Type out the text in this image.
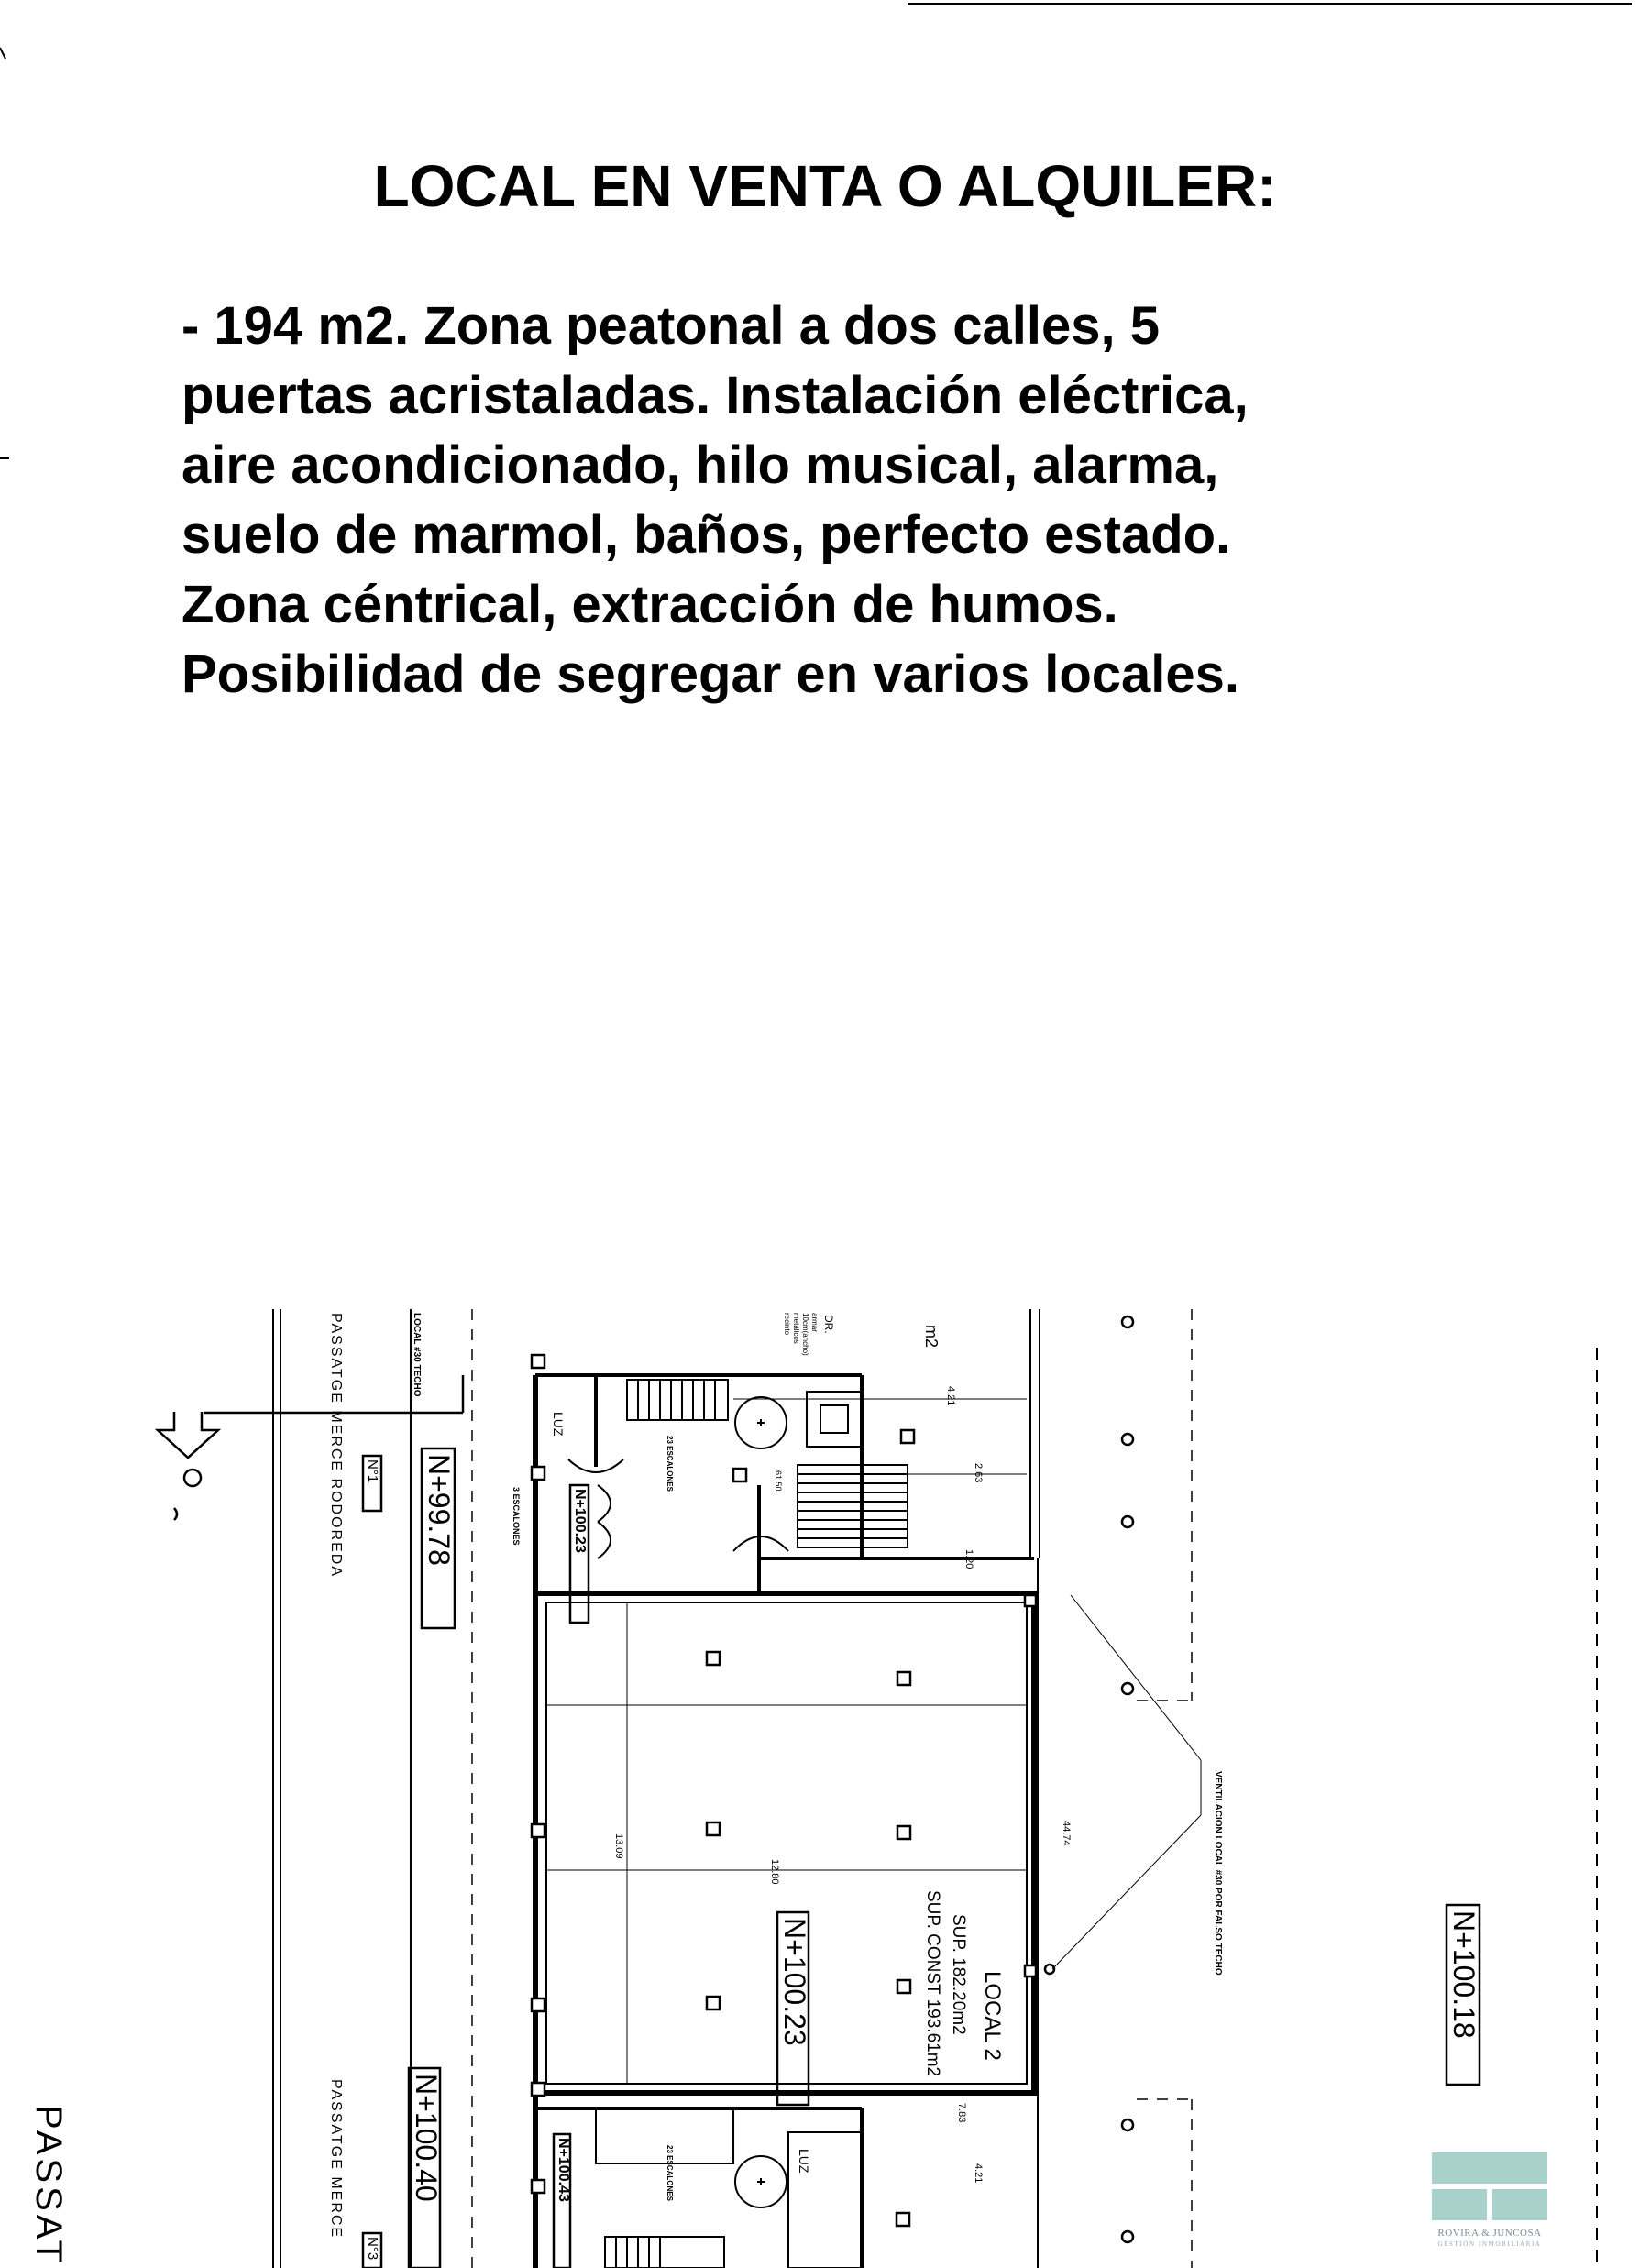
LOCAL EN VENTA O ALQUILER:

- 194 m2. Zona peatonal a dos calles, 5

puertas acristaladas. Instalación eléctrica,

aire acondicionado, hilo musical, alarma,

suelo de marmol, baños, perfecto estado.

Zona céntrical, extracción de humos.

Posibilidad de segregar en varios locales.

PASSATGE MERCE RODOREDA
PASSATGE MERCE
PASSAT
N°1
N°3
LOCAL #30 TECHO
N+99.78	N+100.23
N+100.23	N+100.18
N+100.40	N+100.43
LOCAL 2
SUP. 182.20m2
SUP. CONST 193.61m2
VENTILACION LOCAL #30 POR FALSO TECHO
LUZ
LUZ
3 ESCALONES
23 ESCALONES
23 ESCALONES
m2
DR.
armar
10cm(ancho)
metálicos
recinto
4.21
2.63
1.20
44.74
13.09
12.80
7.83
4.21
61.50
ROVIRA & JUNCOSA
GESTIÓN INMOBILIARIA
